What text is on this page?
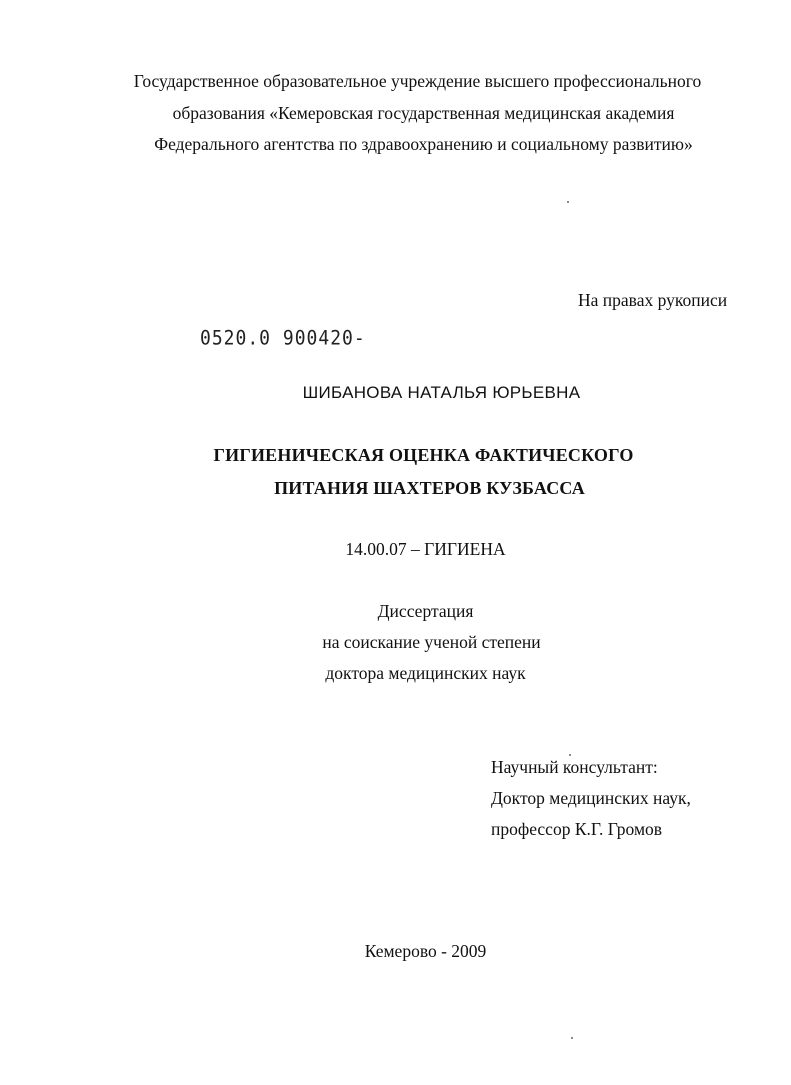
Государственное образовательное учреждение высшего профессионального
образования «Кемеровская государственная медицинская академия
Федерального агентства по здравоохранению и социальному развитию»
На правах рукописи
0520.0 900420-
ШИБАНОВА НАТАЛЬЯ ЮРЬЕВНА
ГИГИЕНИЧЕСКАЯ ОЦЕНКА ФАКТИЧЕСКОГО
ПИТАНИЯ ШАХТЕРОВ КУЗБАССА
14.00.07 – ГИГИЕНА
Диссертация
на соискание ученой степени
доктора медицинских наук
Научный консультант:
Доктор медицинских наук,
профессор К.Г. Громов
Кемерово - 2009
